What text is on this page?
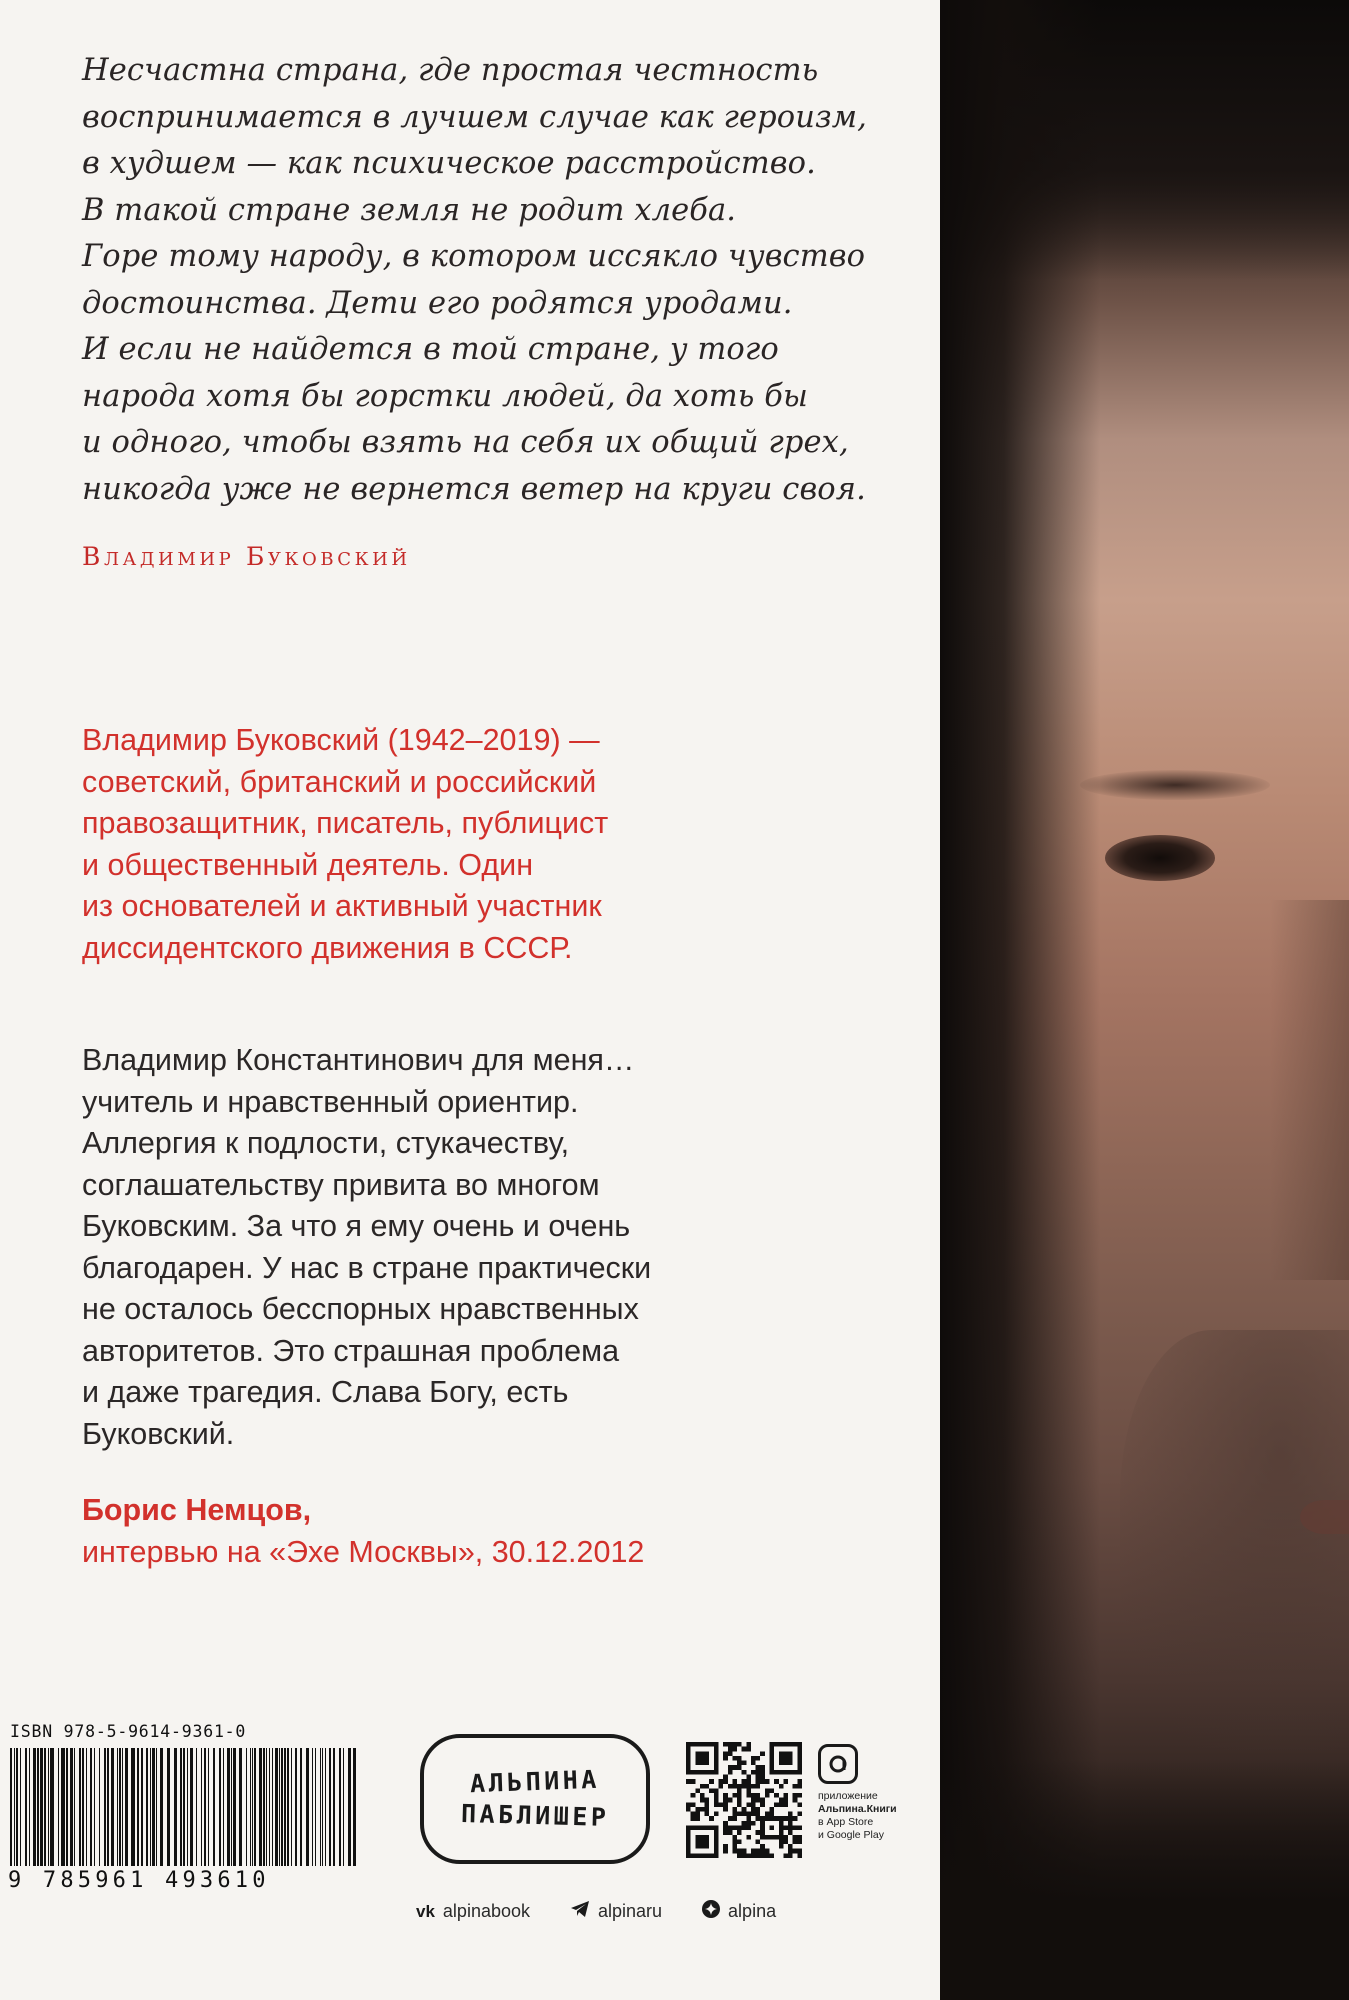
Несчастна страна, где простая честность
воспринимается в лучшем случае как героизм,
в худшем — как психическое расстройство.
В такой стране земля не родит хлеба.
Горе тому народу, в котором иссякло чувство
достоинства. Дети его родятся уродами.
И если не найдется в той стране, у того
народа хотя бы горстки людей, да хоть бы
и одного, чтобы взять на себя их общий грех,
никогда уже не вернется ветер на круги своя.
Владимир Буковский
Владимир Буковский (1942–2019) —
советский, британский и российский
правозащитник, писатель, публицист
и общественный деятель. Один
из основателей и активный участник
диссидентского движения в СССР.
Владимир Константинович для меня…
учитель и нравственный ориентир.
Аллергия к подлости, стукачеству,
соглашательству привита во многом
Буковским. За что я ему очень и очень
благодарен. У нас в стране практически
не осталось бесспорных нравственных
авторитетов. Это страшная проблема
и даже трагедия. Слава Богу, есть
Буковский.
Борис Немцов,
интервью на «Эхе Москвы», 30.12.2012
ISBN 978-5-9614-9361-0
9 785961 493610
АЛЬПИНА
ПАБЛИШЕР
приложение
Альпина.Книги
в App Store
и Google Play
vk alpinabook	alpinaru	alpina
